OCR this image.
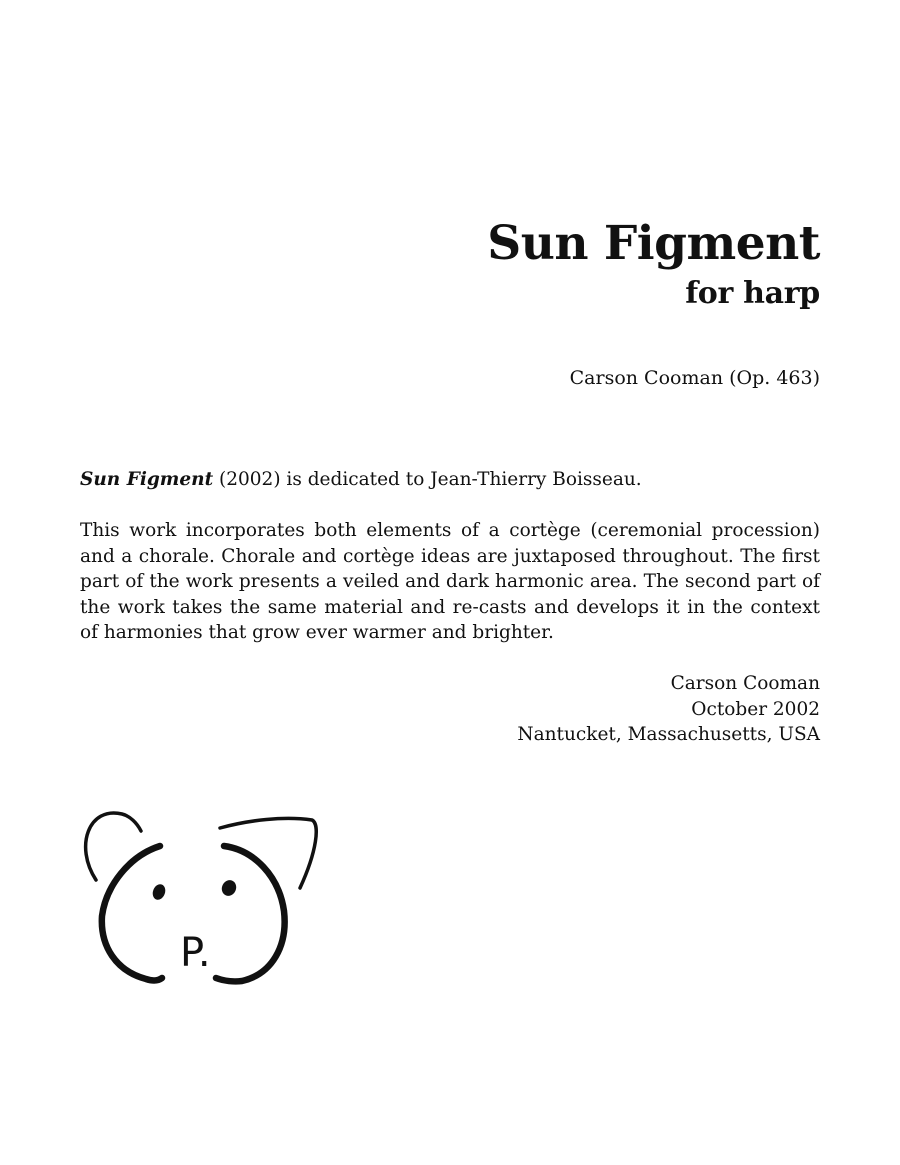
Sun Figment
for harp
Carson Cooman (Op. 463)

Sun Figment (2002) is dedicated to Jean-Thierry Boisseau.

This work incorporates both elements of a cortège (ceremonial procession) and a chorale. Chorale and cortège ideas are juxtaposed throughout. The first part of the work presents a veiled and dark harmonic area. The second part of the work takes the same material and re-casts and develops it in the context of harmonies that grow ever warmer and brighter.

Carson Cooman
October 2002
Nantucket, Massachusetts, USA
P.
